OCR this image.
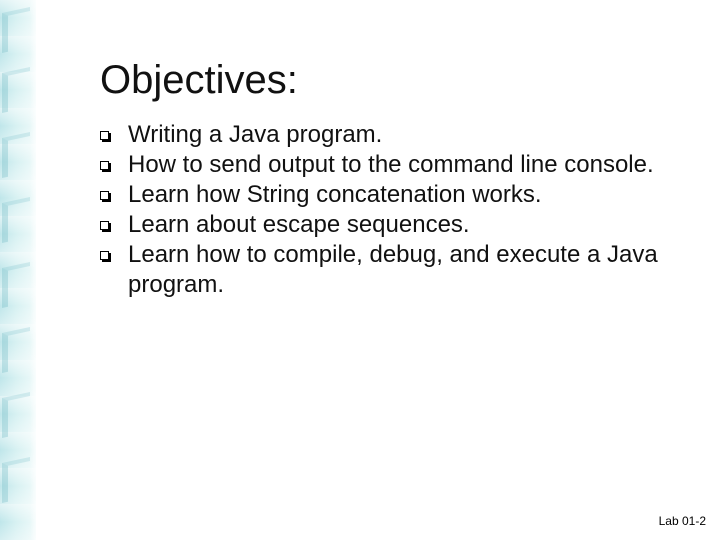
Objectives:
Writing a Java program.
How to send output to the command line console.
Learn how String concatenation works.
Learn about escape sequences.
Learn how to compile, debug, and execute a Java program.
Lab 01-2
